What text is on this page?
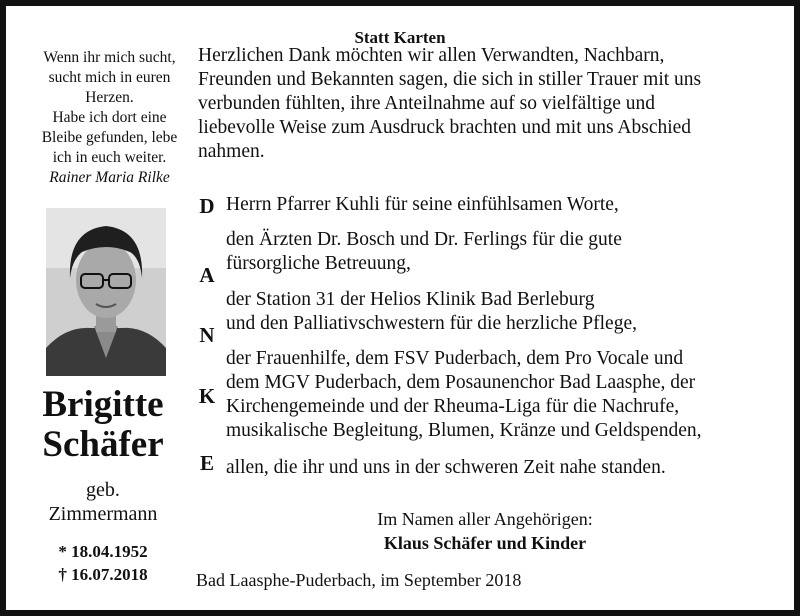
Statt Karten
Wenn ihr mich sucht,
sucht mich in euren
Herzen.
Habe ich dort eine
Bleibe gefunden, lebe
ich in euch weiter.
Rainer Maria Rilke
Brigitte
Schäfer
geb.
Zimmermann
* 18.04.1952
† 16.07.2018
Herzlichen Dank möchten wir allen Verwandten, Nachbarn,
Freunden und Bekannten sagen, die sich in stiller Trauer mit uns
verbunden fühlten, ihre Anteilnahme auf so vielfältige und
liebevolle Weise zum Ausdruck brachten und mit uns Abschied
nahmen.
D
A
N
K
E
Herrn Pfarrer Kuhli für seine einfühlsamen Worte,
den Ärzten Dr. Bosch und Dr. Ferlings für die gute
fürsorgliche Betreuung,
der Station 31 der Helios Klinik Bad Berleburg
und den Palliativschwestern für die herzliche Pflege,
der Frauenhilfe, dem FSV Puderbach, dem Pro Vocale und
dem MGV Puderbach, dem Posaunenchor Bad Laasphe, der
Kirchengemeinde und der Rheuma-Liga für die Nachrufe,
musikalische Begleitung, Blumen, Kränze und Geldspenden,
allen, die ihr und uns in der schweren Zeit nahe standen.
Im Namen aller Angehörigen:
Klaus Schäfer und Kinder
Bad Laasphe-Puderbach, im September 2018
